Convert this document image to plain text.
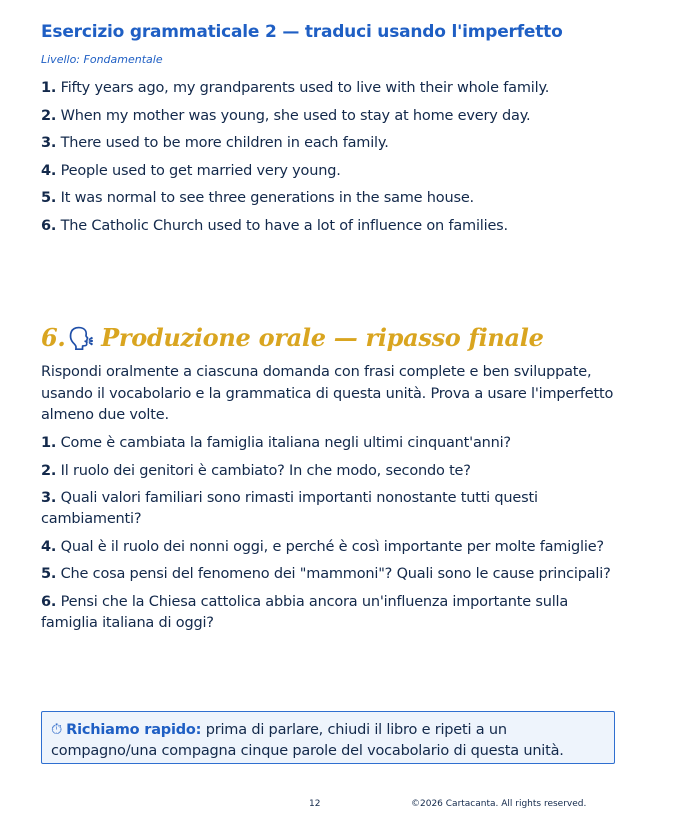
Esercizio grammaticale 2 — traduci usando l'imperfetto

Livello: Fondamentale

1. Fifty years ago, my grandparents used to live with their whole family.
2. When my mother was young, she used to stay at home every day.
3. There used to be more children in each family.
4. People used to get married very young.
5. It was normal to see three generations in the same house.
6. The Catholic Church used to have a lot of influence on families.
6.🗣 Produzione orale — ripasso finale

Rispondi oralmente a ciascuna domanda con frasi complete e ben sviluppate, usando il vocabolario e la grammatica di questa unità. Prova a usare l'imperfetto almeno due volte.

1. Come è cambiata la famiglia italiana negli ultimi cinquant'anni?
2. Il ruolo dei genitori è cambiato? In che modo, secondo te?
3. Quali valori familiari sono rimasti importanti nonostante tutti questi cambiamenti?
4. Qual è il ruolo dei nonni oggi, e perché è così importante per molte famiglie?
5. Che cosa pensi del fenomeno dei "mammoni"? Quali sono le cause principali?
6. Pensi che la Chiesa cattolica abbia ancora un'influenza importante sulla famiglia italiana di oggi?
⏱ Richiamo rapido: prima di parlare, chiudi il libro e ripeti a un compagno/una compagna cinque parole del vocabolario di questa unità.
12	©2026 Cartacanta. All rights reserved.
